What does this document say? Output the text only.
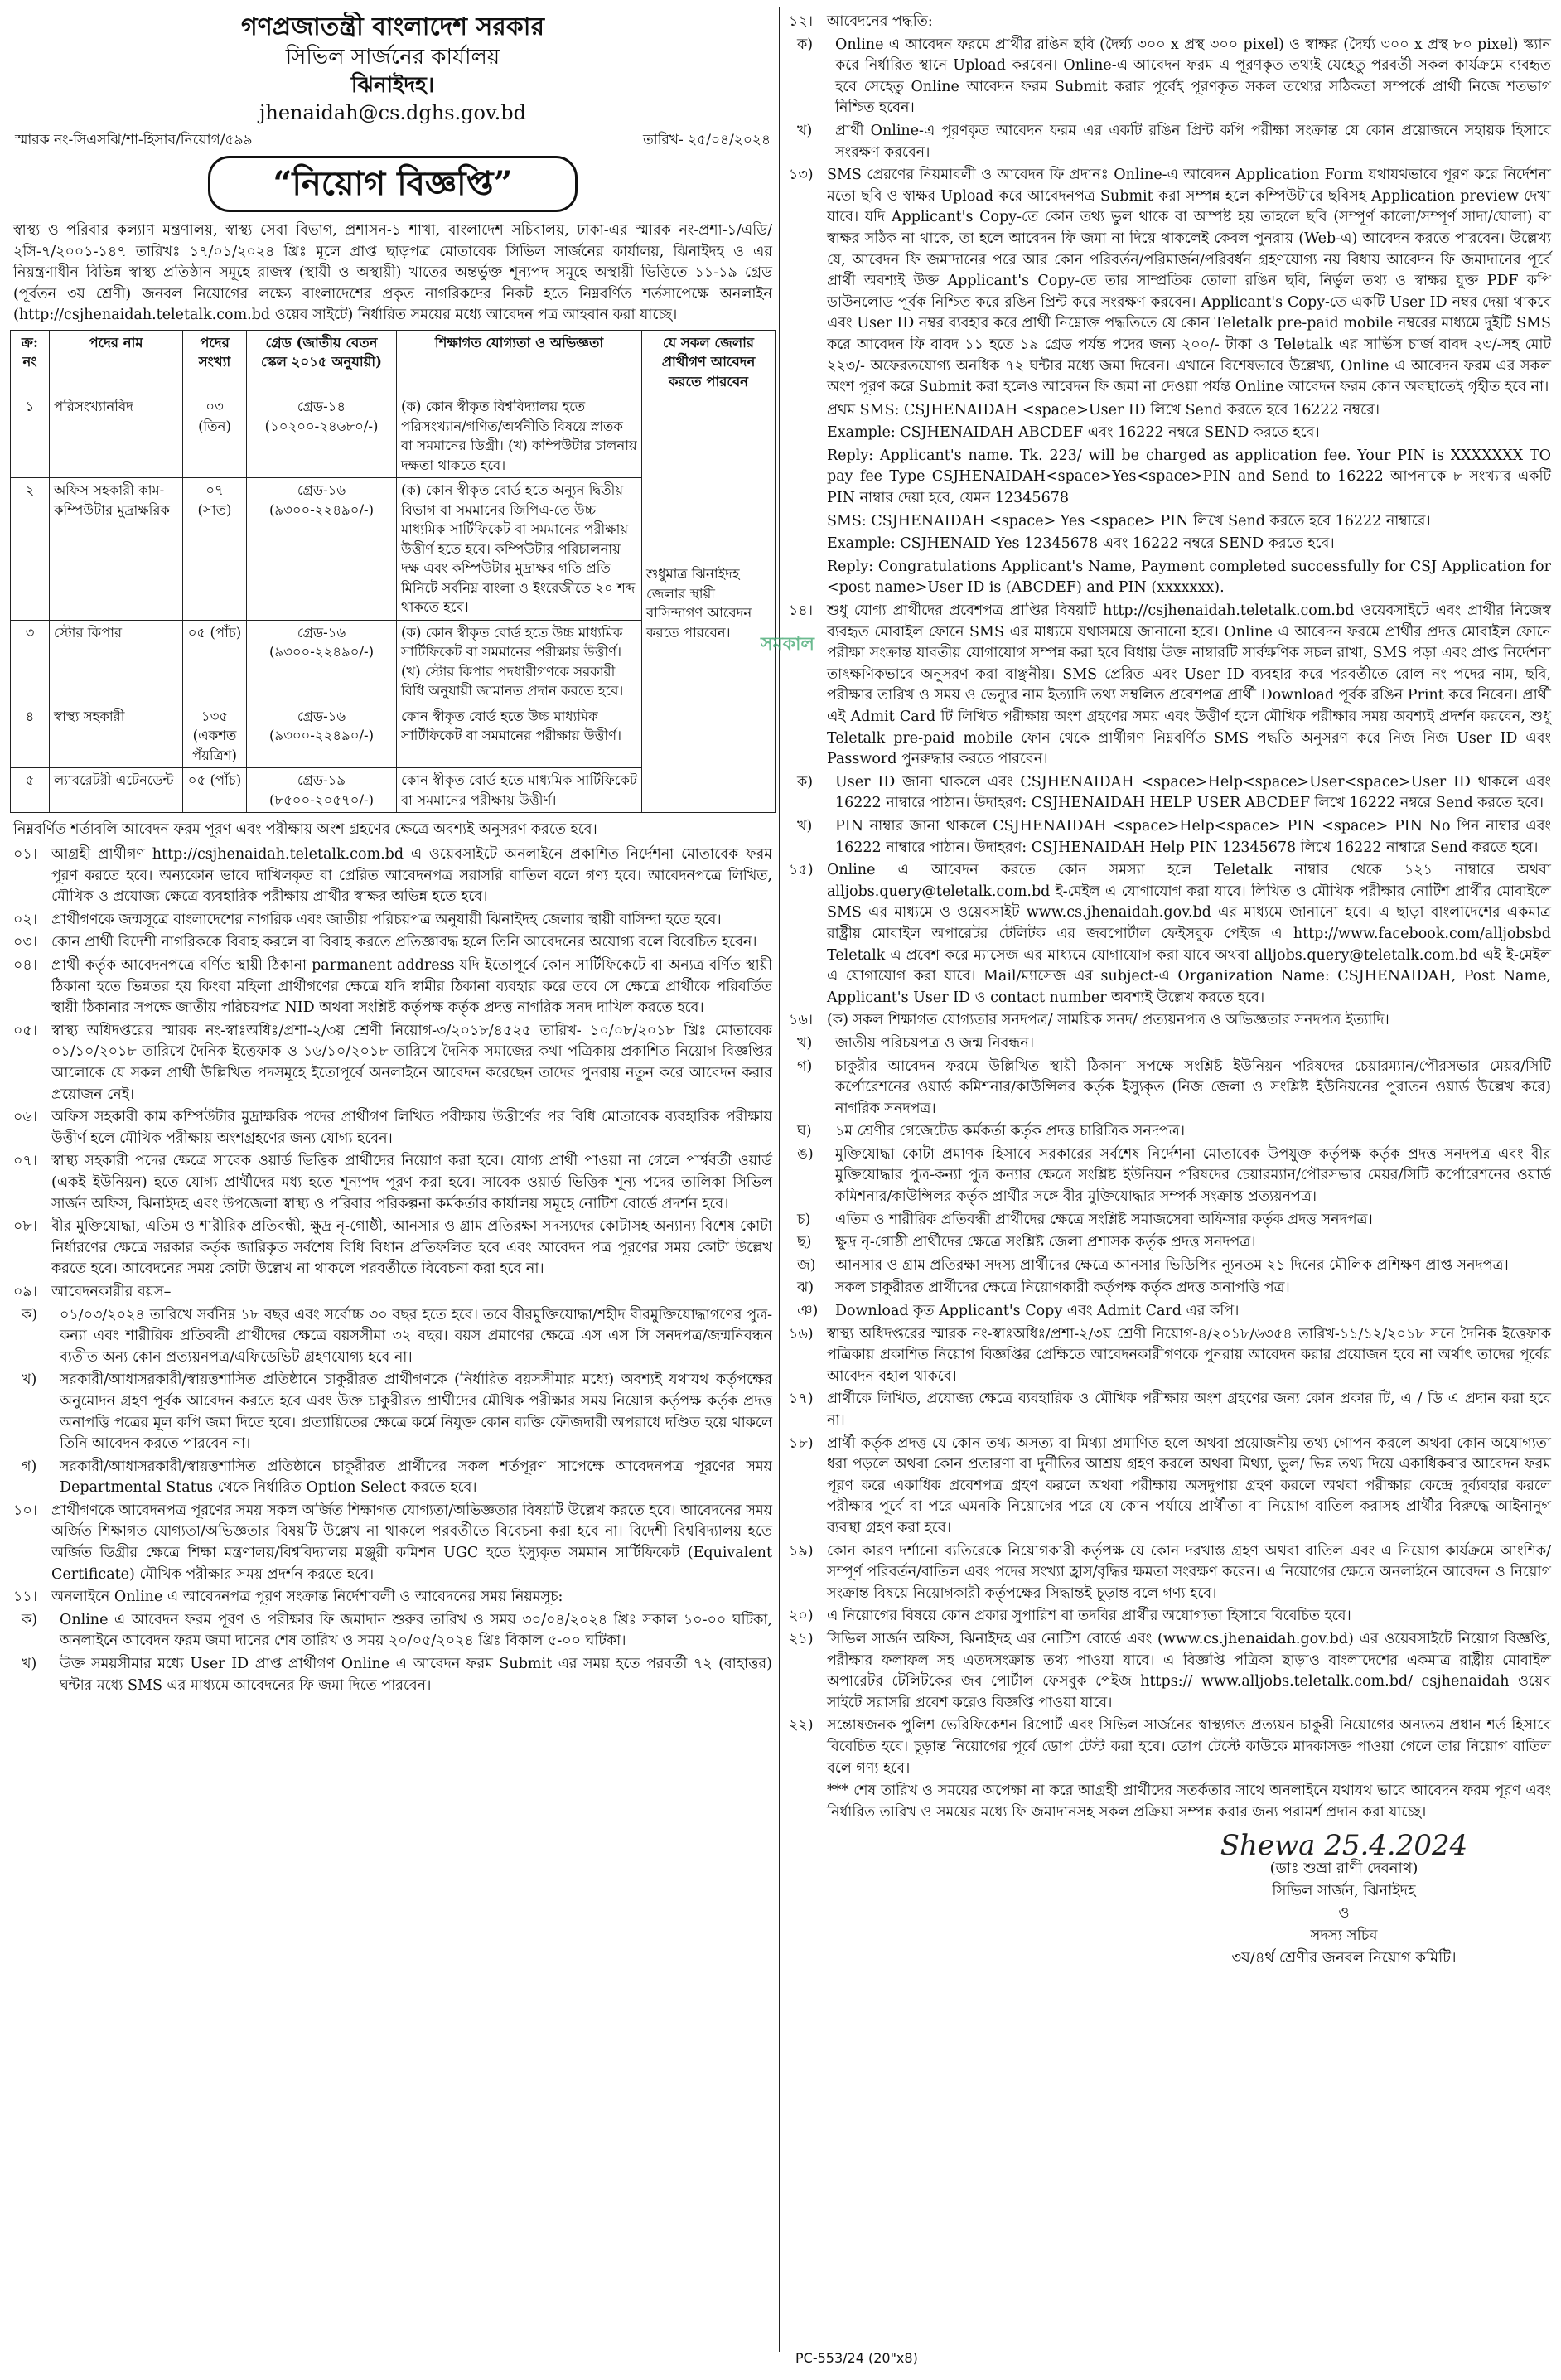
গণপ্রজাতন্ত্রী বাংলাদেশ সরকার
সিভিল সার্জনের কার্যালয়
ঝিনাইদহ।
jhenaidah@cs.dghs.gov.bd
স্মারক নং-সিএসঝি/শা-হিসাব/নিয়োগ/৫৯৯	তারিখ- ২৫/০৪/২০২৪
“নিয়োগ বিজ্ঞপ্তি”

স্বাস্থ্য ও পরিবার কল্যাণ মন্ত্রণালয়, স্বাস্থ্য সেবা বিভাগ, প্রশাসন-১ শাখা, বাংলাদেশ সচিবালয়, ঢাকা-এর স্মারক নং-প্রশা-১/এডি/২সি-৭/২০০১-১৪৭ তারিখঃ ১৭/০১/২০২৪ খ্রিঃ মূলে প্রাপ্ত ছাড়পত্র মোতাবেক সিভিল সার্জনের কার্যালয়, ঝিনাইদহ ও এর নিয়ন্ত্রণাধীন বিভিন্ন স্বাস্থ্য প্রতিষ্ঠান সমূহে রাজস্ব (স্থায়ী ও অস্থায়ী) খাতের অন্তর্ভুক্ত শূন্যপদ সমূহে অস্থায়ী ভিত্তিতে ১১-১৯ গ্রেড (পূর্বতন ৩য় শ্রেণী) জনবল নিয়োগের লক্ষ্যে বাংলাদেশের প্রকৃত নাগরিকদের নিকট হতে নিম্নবর্ণিত শর্তসাপেক্ষে অনলাইন (http://csjhenaidah.teletalk.com.bd ওয়েব সাইটে) নির্ধারিত সময়ের মধ্যে আবেদন পত্র আহবান করা যাচ্ছে।

ক্র: নং	পদের নাম	পদের সংখ্যা	গ্রেড (জাতীয় বেতন স্কেল ২০১৫ অনুযায়ী)	শিক্ষাগত যোগ্যতা ও অভিজ্ঞতা	যে সকল জেলার প্রার্থীগণ আবেদন করতে পারবেন
১	পরিসংখ্যানবিদ	০৩ (তিন)	গ্রেড-১৪ (১০২০০-২৪৬৮০/-)	(ক) কোন স্বীকৃত বিশ্ববিদ্যালয় হতে পরিসংখ্যান/গণিত/অর্থনীতি বিষয়ে স্নাতক বা সমমানের ডিগ্রী। (খ) কম্পিউটার চালনায় দক্ষতা থাকতে হবে।	শুধুমাত্র ঝিনাইদহ জেলার স্থায়ী বাসিন্দাগণ আবেদন করতে পারবেন।
২	অফিস সহকারী কাম-কম্পিউটার মুদ্রাক্ষরিক	০৭ (সাত)	গ্রেড-১৬ (৯৩০০-২২৪৯০/-)	(ক) কোন স্বীকৃত বোর্ড হতে অন্যূন দ্বিতীয় বিভাগ বা সমমানের জিপিএ-তে উচ্চ মাধ্যমিক সার্টিফিকেট বা সমমানের পরীক্ষায় উত্তীর্ণ হতে হবে। কম্পিউটার পরিচালনায় দক্ষ এবং কম্পিউটার মুদ্রাক্ষর গতি প্রতি মিনিটে সর্বনিম্ন বাংলা ও ইংরেজীতে ২০ শব্দ থাকতে হবে।	
৩	স্টোর কিপার	০৫ (পাঁচ)	গ্রেড-১৬ (৯৩০০-২২৪৯০/-)	(ক) কোন স্বীকৃত বোর্ড হতে উচ্চ মাধ্যমিক সার্টিফিকেট বা সমমানের পরীক্ষায় উত্তীর্ণ। (খ) স্টোর কিপার পদধারীগণকে সরকারী বিধি অনুযায়ী জামানত প্রদান করতে হবে।	
৪	স্বাস্থ্য সহকারী	১৩৫ (একশত পঁয়ত্রিশ)	গ্রেড-১৬ (৯৩০০-২২৪৯০/-)	কোন স্বীকৃত বোর্ড হতে উচ্চ মাধ্যমিক সার্টিফিকেট বা সমমানের পরীক্ষায় উত্তীর্ণ।	
৫	ল্যাবরেটরী এটেনডেন্ট	০৫ (পাঁচ)	গ্রেড-১৯ (৮৫০০-২০৫৭০/-)	কোন স্বীকৃত বোর্ড হতে মাধ্যমিক সার্টিফিকেট বা সমমানের পরীক্ষায় উত্তীর্ণ।	

নিম্নবর্ণিত শর্তাবলি আবেদন ফরম পূরণ এবং পরীক্ষায় অংশ গ্রহণের ক্ষেত্রে অবশ্যই অনুসরণ করতে হবে।

০১। আগ্রহী প্রার্থীগণ http://csjhenaidah.teletalk.com.bd এ ওয়েবসাইটে অনলাইনে প্রকাশিত নির্দেশনা মোতাবেক ফরম পূরণ করতে হবে। অন্যকোন ভাবে দাখিলকৃত বা প্রেরিত আবেদনপত্র সরাসরি বাতিল বলে গণ্য হবে। আবেদনপত্রে লিখিত, মৌখিক ও প্রযোজ্য ক্ষেত্রে ব্যবহারিক পরীক্ষায় প্রার্থীর স্বাক্ষর অভিন্ন হতে হবে।
০২। প্রার্থীগণকে জন্মসূত্রে বাংলাদেশের নাগরিক এবং জাতীয় পরিচয়পত্র অনুযায়ী ঝিনাইদহ জেলার স্থায়ী বাসিন্দা হতে হবে।
০৩। কোন প্রার্থী বিদেশী নাগরিককে বিবাহ করলে বা বিবাহ করতে প্রতিজ্ঞাবদ্ধ হলে তিনি আবেদনের অযোগ্য বলে বিবেচিত হবেন।
০৪। প্রার্থী কর্তৃক আবেদনপত্রে বর্ণিত স্থায়ী ঠিকানা parmanent address যদি ইতোপূর্বে কোন সার্টিফিকেটে বা অন্যত্র বর্ণিত স্থায়ী ঠিকানা হতে ভিন্নতর হয় কিংবা মহিলা প্রার্থীগণের ক্ষেত্রে যদি স্বামীর ঠিকানা ব্যবহার করে তবে সে ক্ষেত্রে প্রার্থীকে পরিবর্তিত স্থায়ী ঠিকানার সপক্ষে জাতীয় পরিচয়পত্র NID অথবা সংশ্লিষ্ট কর্তৃপক্ষ কর্তৃক প্রদত্ত নাগরিক সনদ দাখিল করতে হবে।
০৫। স্বাস্থ্য অধিদপ্তরের স্মারক নং-স্বাঃঅধিঃ/প্রশা-২/৩য় শ্রেণী নিয়োগ-৩/২০১৮/৪৫২৫ তারিখ- ১০/০৮/২০১৮ খ্রিঃ মোতাবেক ০১/১০/২০১৮ তারিখে দৈনিক ইত্তেফাক ও ১৬/১০/২০১৮ তারিখে দৈনিক সমাজের কথা পত্রিকায় প্রকাশিত নিয়োগ বিজ্ঞপ্তির আলোকে যে সকল প্রার্থী উল্লিখিত পদসমূহে ইতোপূর্বে অনলাইনে আবেদন করেছেন তাদের পুনরায় নতুন করে আবেদন করার প্রয়োজন নেই।
০৬। অফিস সহকারী কাম কম্পিউটার মুদ্রাক্ষরিক পদের প্রার্থীগণ লিখিত পরীক্ষায় উত্তীর্ণের পর বিধি মোতাবেক ব্যবহারিক পরীক্ষায় উত্তীর্ণ হলে মৌখিক পরীক্ষায় অংশগ্রহণের জন্য যোগ্য হবেন।
০৭। স্বাস্থ্য সহকারী পদের ক্ষেত্রে সাবেক ওয়ার্ড ভিত্তিক প্রার্থীদের নিয়োগ করা হবে। যোগ্য প্রার্থী পাওয়া না গেলে পার্শ্ববর্তী ওয়ার্ড (একই ইউনিয়ন) হতে যোগ্য প্রার্থীদের মধ্য হতে শূন্যপদ পূরণ করা হবে। সাবেক ওয়ার্ড ভিত্তিক শূন্য পদের তালিকা সিভিল সার্জন অফিস, ঝিনাইদহ এবং উপজেলা স্বাস্থ্য ও পরিবার পরিকল্পনা কর্মকর্তার কার্যালয় সমূহে নোটিশ বোর্ডে প্রদর্শন হবে।
০৮। বীর মুক্তিযোদ্ধা, এতিম ও শারীরিক প্রতিবন্ধী, ক্ষুদ্র নৃ-গোষ্ঠী, আনসার ও গ্রাম প্রতিরক্ষা সদস্যদের কোটাসহ অন্যান্য বিশেষ কোটা নির্ধারণের ক্ষেত্রে সরকার কর্তৃক জারিকৃত সর্বশেষ বিধি বিধান প্রতিফলিত হবে এবং আবেদন পত্র পূরণের সময় কোটা উল্লেখ করতে হবে। আবেদনের সময় কোটা উল্লেখ না থাকলে পরবর্তীতে বিবেচনা করা হবে না।
০৯। আবেদনকারীর বয়স–
ক)	০১/০৩/২০২৪ তারিখে সর্বনিম্ন ১৮ বছর এবং সর্বোচ্চ ৩০ বছর হতে হবে। তবে বীরমুক্তিযোদ্ধা/শহীদ বীরমুক্তিযোদ্ধাগণের পুত্র-কন্যা এবং শারীরিক প্রতিবন্ধী প্রার্থীদের ক্ষেত্রে বয়সসীমা ৩২ বছর। বয়স প্রমাণের ক্ষেত্রে এস এস সি সনদপত্র/জন্মনিবন্ধন ব্যতীত অন্য কোন প্রত্যয়নপত্র/এফিডেভিট গ্রহণযোগ্য হবে না।
খ)	সরকারী/আধাসরকারী/স্বায়ত্তশাসিত প্রতিষ্ঠানে চাকুরীরত প্রার্থীগণকে (নির্ধারিত বয়সসীমার মধ্যে) অবশ্যই যথাযথ কর্তৃপক্ষের অনুমোদন গ্রহণ পূর্বক আবেদন করতে হবে এবং উক্ত চাকুরীরত প্রার্থীদের মৌখিক পরীক্ষার সময় নিয়োগ কর্তৃপক্ষ কর্তৃক প্রদত্ত অনাপত্তি পত্রের মূল কপি জমা দিতে হবে। প্রত্যায়িতের ক্ষেত্রে কর্মে নিযুক্ত কোন ব্যক্তি ফৌজদারী অপরাধে দণ্ডিত হয়ে থাকলে তিনি আবেদন করতে পারবেন না।
গ)	সরকারী/আধাসরকারী/স্বায়ত্তশাসিত প্রতিষ্ঠানে চাকুরীরত প্রার্থীদের সকল শর্তপূরণ সাপেক্ষে আবেদনপত্র পূরণের সময় Departmental Status থেকে নির্ধারিত Option Select করতে হবে।
১০। প্রার্থীগণকে আবেদনপত্র পূরণের সময় সকল অর্জিত শিক্ষাগত যোগ্যতা/অভিজ্ঞতার বিষয়টি উল্লেখ করতে হবে। আবেদনের সময় অর্জিত শিক্ষাগত যোগ্যতা/অভিজ্ঞতার বিষয়টি উল্লেখ না থাকলে পরবর্তীতে বিবেচনা করা হবে না। বিদেশী বিশ্ববিদ্যালয় হতে অর্জিত ডিগ্রীর ক্ষেত্রে শিক্ষা মন্ত্রণালয়/বিশ্ববিদ্যালয় মঞ্জুরী কমিশন UGC হতে ইস্যুকৃত সমমান সার্টিফিকেট (Equivalent Certificate) মৌখিক পরীক্ষার সময় প্রদর্শন করতে হবে।
১১। অনলাইনে Online এ আবেদনপত্র পূরণ সংক্রান্ত নির্দেশাবলী ও আবেদনের সময় নিয়মসূচ:
ক)	Online এ আবেদন ফরম পূরণ ও পরীক্ষার ফি জমাদান শুরুর তারিখ ও সময় ৩০/০৪/২০২৪ খ্রিঃ সকাল ১০-০০ ঘটিকা, অনলাইনে আবেদন ফরম জমা দানের শেষ তারিখ ও সময় ২০/০৫/২০২৪ খ্রিঃ বিকাল ৫-০০ ঘটিকা।
খ)	উক্ত সময়সীমার মধ্যে User ID প্রাপ্ত প্রার্থীগণ Online এ আবেদন ফরম Submit এর সময় হতে পরবর্তী ৭২ (বাহাত্তর) ঘন্টার মধ্যে SMS এর মাধ্যমে আবেদনের ফি জমা দিতে পারবেন।
১২। আবেদনের পদ্ধতি:
ক)	Online এ আবেদন ফরমে প্রার্থীর রঙিন ছবি (দৈর্ঘ্য ৩০০ x প্রস্থ ৩০০ pixel) ও স্বাক্ষর (দৈর্ঘ্য ৩০০ x প্রস্থ ৮০ pixel) স্ক্যান করে নির্ধারিত স্থানে Upload করবেন। Online-এ আবেদন ফরম এ পূরণকৃত তথ্যই যেহেতু পরবর্তী সকল কার্যক্রমে ব্যবহৃত হবে সেহেতু Online আবেদন ফরম Submit করার পূর্বেই পূরণকৃত সকল তথ্যের সঠিকতা সম্পর্কে প্রার্থী নিজে শতভাগ নিশ্চিত হবেন।
খ)	প্রার্থী Online-এ পূরণকৃত আবেদন ফরম এর একটি রঙিন প্রিন্ট কপি পরীক্ষা সংক্রান্ত যে কোন প্রয়োজনে সহায়ক হিসাবে সংরক্ষণ করবেন।
১৩) SMS প্রেরণের নিয়মাবলী ও আবেদন ফি প্রদানঃ Online-এ আবেদন Application Form যথাযথভাবে পূরণ করে নির্দেশনা মতো ছবি ও স্বাক্ষর Upload করে আবেদনপত্র Submit করা সম্পন্ন হলে কম্পিউটারে ছবিসহ Application preview দেখা যাবে। যদি Applicant's Copy-তে কোন তথ্য ভুল থাকে বা অস্পষ্ট হয় তাহলে ছবি (সম্পূর্ণ কালো/সম্পূর্ণ সাদা/ঘোলা) বা স্বাক্ষর সঠিক না থাকে, তা হলে আবেদন ফি জমা না দিয়ে থাকলেই কেবল পুনরায় (Web-এ) আবেদন করতে পারবেন। উল্লেখ্য যে, আবেদন ফি জমাদানের পরে আর কোন পরিবর্তন/পরিমার্জন/পরিবর্ধন গ্রহণযোগ্য নয় বিধায় আবেদন ফি জমাদানের পূর্বে প্রার্থী অবশ্যই উক্ত Applicant's Copy-তে তার সাম্প্রতিক তোলা রঙিন ছবি, নির্ভুল তথ্য ও স্বাক্ষর যুক্ত PDF কপি ডাউনলোড পূর্বক নিশ্চিত করে রঙিন প্রিন্ট করে সংরক্ষণ করবেন। Applicant's Copy-তে একটি User ID নম্বর দেয়া থাকবে এবং User ID নম্বর ব্যবহার করে প্রার্থী নিম্নোক্ত পদ্ধতিতে যে কোন Teletalk pre-paid mobile নম্বরের মাধ্যমে দুইটি SMS করে আবেদন ফি বাবদ ১১ হতে ১৯ গ্রেড পর্যন্ত পদের জন্য ২০০/- টাকা ও Teletalk এর সার্ভিস চার্জ বাবদ ২৩/-সহ মোট ২২৩/- অফেরতযোগ্য অনধিক ৭২ ঘন্টার মধ্যে জমা দিবেন। এখানে বিশেষভাবে উল্লেখ্য, Online এ আবেদন ফরম এর সকল অংশ পূরণ করে Submit করা হলেও আবেদন ফি জমা না দেওয়া পর্যন্ত Online আবেদন ফরম কোন অবস্থাতেই গৃহীত হবে না।
প্রথম SMS: CSJHENAIDAH <space>User ID লিখে Send করতে হবে 16222 নম্বরে।
Example: CSJHENAIDAH ABCDEF এবং 16222 নম্বরে SEND করতে হবে।
Reply: Applicant's name. Tk. 223/ will be charged as application fee. Your PIN is XXXXXXX TO pay fee Type CSJHENAIDAH<space>Yes<space>PIN and Send to 16222 আপনাকে ৮ সংখ্যার একটি PIN নাম্বার দেয়া হবে, যেমন 12345678
SMS: CSJHENAIDAH <space> Yes <space> PIN লিখে Send করতে হবে 16222 নাম্বারে।
Example: CSJHENAID Yes 12345678 এবং 16222 নম্বরে SEND করতে হবে।
Reply: Congratulations Applicant's Name, Payment completed successfully for CSJ Application for <post name>User ID is (ABCDEF) and PIN (xxxxxxx).
১৪। শুধু যোগ্য প্রার্থীদের প্রবেশপত্র প্রাপ্তির বিষয়টি http://csjhenaidah.teletalk.com.bd ওয়েবসাইটে এবং প্রার্থীর নিজেস্ব ব্যবহৃত মোবাইল ফোনে SMS এর মাধ্যমে যথাসময়ে জানানো হবে। Online এ আবেদন ফরমে প্রার্থীর প্রদত্ত মোবাইল ফোনে পরীক্ষা সংক্রান্ত যাবতীয় যোগাযোগ সম্পন্ন করা হবে বিধায় উক্ত নাম্বারটি সার্বক্ষণিক সচল রাখা, SMS পড়া এবং প্রাপ্ত নির্দেশনা তাৎক্ষণিকভাবে অনুসরণ করা বাঞ্ছনীয়। SMS প্রেরিত এবং User ID ব্যবহার করে পরবর্তীতে রোল নং পদের নাম, ছবি, পরীক্ষার তারিখ ও সময় ও ভেন্যুর নাম ইত্যাদি তথ্য সম্বলিত প্রবেশপত্র প্রার্থী Download পূর্বক রঙিন Print করে নিবেন। প্রার্থী এই Admit Card টি লিখিত পরীক্ষায় অংশ গ্রহণের সময় এবং উত্তীর্ণ হলে মৌখিক পরীক্ষার সময় অবশ্যই প্রদর্শন করবেন, শুধু Teletalk pre-paid mobile ফোন থেকে প্রার্থীগণ নিম্নবর্ণিত SMS পদ্ধতি অনুসরণ করে নিজ নিজ User ID এবং Password পুনরুদ্ধার করতে পারবেন।
ক)	User ID জানা থাকলে এবং CSJHENAIDAH <space>Help<space>User<space>User ID থাকলে এবং 16222 নাম্বারে পাঠান। উদাহরণ: CSJHENAIDAH HELP USER ABCDEF লিখে 16222 নম্বরে Send করতে হবে।
খ)	PIN নাম্বার জানা থাকলে CSJHENAIDAH <space>Help<space> PIN <space> PIN No পিন নাম্বার এবং 16222 নাম্বারে পাঠান। উদাহরণ: CSJHENAIDAH Help PIN 12345678 লিখে 16222 নাম্বারে Send করতে হবে।
১৫) Online এ আবেদন করতে কোন সমস্যা হলে Teletalk নাম্বার থেকে ১২১ নাম্বারে অথবা alljobs.query@teletalk.com.bd ই-মেইল এ যোগাযোগ করা যাবে। লিখিত ও মৌখিক পরীক্ষার নোটিশ প্রার্থীর মোবাইলে SMS এর মাধ্যমে ও ওয়েবসাইট www.cs.jhenaidah.gov.bd এর মাধ্যমে জানানো হবে। এ ছাড়া বাংলাদেশের একমাত্র রাষ্ট্রীয় মোবাইল অপারেটর টেলিটক এর জবপোর্টাল ফেইসবুক পেইজ এ http://www.facebook.com/alljobsbd Teletalk এ প্রবেশ করে ম্যাসেজ এর মাধ্যমে যোগাযোগ করা যাবে অথবা alljobs.query@teletalk.com.bd এই ই-মেইল এ যোগাযোগ করা যাবে। Mail/ম্যাসেজ এর subject-এ Organization Name: CSJHENAIDAH, Post Name, Applicant's User ID ও contact number অবশ্যই উল্লেখ করতে হবে।
১৬। (ক) সকল শিক্ষাগত যোগ্যতার সনদপত্র/ সাময়িক সনদ/ প্রত্যয়নপত্র ও অভিজ্ঞতার সনদপত্র ইত্যাদি।
খ)	জাতীয় পরিচয়পত্র ও জন্ম নিবন্ধন।
গ)	চাকুরীর আবেদন ফরমে উল্লিখিত স্থায়ী ঠিকানা সপক্ষে সংশ্লিষ্ট ইউনিয়ন পরিষদের চেয়ারম্যান/পৌরসভার মেয়র/সিটি কর্পোরেশনের ওয়ার্ড কমিশনার/কাউন্সিলর কর্তৃক ইস্যুকৃত (নিজ জেলা ও সংশ্লিষ্ট ইউনিয়নের পুরাতন ওয়ার্ড উল্লেখ করে) নাগরিক সনদপত্র।
ঘ)	১ম শ্রেণীর গেজেটেড কর্মকর্তা কর্তৃক প্রদত্ত চারিত্রিক সনদপত্র।
ঙ)	মুক্তিযোদ্ধা কোটা প্রমাণক হিসাবে সরকারের সর্বশেষ নির্দেশনা মোতাবেক উপযুক্ত কর্তৃপক্ষ কর্তৃক প্রদত্ত সনদপত্র এবং বীর মুক্তিযোদ্ধার পুত্র-কন্যা পুত্র কন্যার ক্ষেত্রে সংশ্লিষ্ট ইউনিয়ন পরিষদের চেয়ারম্যান/পৌরসভার মেয়র/সিটি কর্পোরেশনের ওয়ার্ড কমিশনার/কাউন্সিলর কর্তৃক প্রার্থীর সঙ্গে বীর মুক্তিযোদ্ধার সম্পর্ক সংক্রান্ত প্রত্যয়নপত্র।
চ)	এতিম ও শারীরিক প্রতিবন্ধী প্রার্থীদের ক্ষেত্রে সংশ্লিষ্ট সমাজসেবা অফিসার কর্তৃক প্রদত্ত সনদপত্র।
ছ)	ক্ষুদ্র নৃ-গোষ্ঠী প্রার্থীদের ক্ষেত্রে সংশ্লিষ্ট জেলা প্রশাসক কর্তৃক প্রদত্ত সনদপত্র।
জ)	আনসার ও গ্রাম প্রতিরক্ষা সদস্য প্রার্থীদের ক্ষেত্রে আনসার ভিডিপির ন্যূনতম ২১ দিনের মৌলিক প্রশিক্ষণ প্রাপ্ত সনদপত্র।
ঝ)	সকল চাকুরীরত প্রার্থীদের ক্ষেত্রে নিয়োগকারী কর্তৃপক্ষ কর্তৃক প্রদত্ত অনাপত্তি পত্র।
ঞ)	Download কৃত Applicant's Copy এবং Admit Card এর কপি।
১৬) স্বাস্থ্য অধিদপ্তরের স্মারক নং-স্বাঃঅধিঃ/প্রশা-২/৩য় শ্রেণী নিয়োগ-৪/২০১৮/৬৩৫৪ তারিখ-১১/১২/২০১৮ সনে দৈনিক ইত্তেফাক পত্রিকায় প্রকাশিত নিয়োগ বিজ্ঞপ্তির প্রেক্ষিতে আবেদনকারীগণকে পুনরায় আবেদন করার প্রয়োজন হবে না অর্থাৎ তাদের পূর্বের আবেদন বহাল থাকবে।
১৭) প্রার্থীকে লিখিত, প্রযোজ্য ক্ষেত্রে ব্যবহারিক ও মৌখিক পরীক্ষায় অংশ গ্রহণের জন্য কোন প্রকার টি, এ / ডি এ প্রদান করা হবে না।
১৮) প্রার্থী কর্তৃক প্রদত্ত যে কোন তথ্য অসত্য বা মিথ্যা প্রমাণিত হলে অথবা প্রয়োজনীয় তথ্য গোপন করলে অথবা কোন অযোগ্যতা ধরা পড়লে অথবা কোন প্রতারণা বা দুর্নীতির আশ্রয় গ্রহণ করলে অথবা মিথ্যা, ভুল/ ভিন্ন তথ্য দিয়ে একাধিকবার আবেদন ফরম পূরণ করে একাধিক প্রবেশপত্র গ্রহণ করলে অথবা পরীক্ষায় অসদুপায় গ্রহণ করলে অথবা পরীক্ষার কেন্দ্রে দুর্ব্যবহার করলে পরীক্ষার পূর্বে বা পরে এমনকি নিয়োগের পরে যে কোন পর্যায়ে প্রার্থীতা বা নিয়োগ বাতিল করাসহ প্রার্থীর বিরুদ্ধে আইনানুগ ব্যবস্থা গ্রহণ করা হবে।
১৯) কোন কারণ দর্শানো ব্যতিরেকে নিয়োগকারী কর্তৃপক্ষ যে কোন দরখাস্ত গ্রহণ অথবা বাতিল এবং এ নিয়োগ কার্যক্রমে আংশিক/সম্পূর্ণ পরিবর্তন/বাতিল এবং পদের সংখ্যা হ্রাস/বৃদ্ধির ক্ষমতা সংরক্ষণ করেন। এ নিয়োগের ক্ষেত্রে অনলাইনে আবেদন ও নিয়োগ সংক্রান্ত বিষয়ে নিয়োগকারী কর্তৃপক্ষের সিদ্ধান্তই চূড়ান্ত বলে গণ্য হবে।
২০) এ নিয়োগের বিষয়ে কোন প্রকার সুপারিশ বা তদবির প্রার্থীর অযোগ্যতা হিসাবে বিবেচিত হবে।
২১) সিভিল সার্জন অফিস, ঝিনাইদহ এর নোটিশ বোর্ডে এবং (www.cs.jhenaidah.gov.bd) এর ওয়েবসাইটে নিয়োগ বিজ্ঞপ্তি, পরীক্ষার ফলাফল সহ এতদসংক্রান্ত তথ্য পাওয়া যাবে। এ বিজ্ঞপ্তি পত্রিকা ছাড়াও বাংলাদেশের একমাত্র রাষ্ট্রীয় মোবাইল অপারেটর টেলিটকের জব পোর্টাল ফেসবুক পেইজ https:// www.alljobs.teletalk.com.bd/ csjhenaidah ওয়েব সাইটে সরাসরি প্রবেশ করেও বিজ্ঞপ্তি পাওয়া যাবে।
২২) সন্তোষজনক পুলিশ ভেরিফিকেশন রিপোর্ট এবং সিভিল সার্জনের স্বাস্থ্যগত প্রত্যয়ন চাকুরী নিয়োগের অন্যতম প্রধান শর্ত হিসাবে বিবেচিত হবে। চূড়ান্ত নিয়োগের পূর্বে ডোপ টেস্ট করা হবে। ডোপ টেস্টে কাউকে মাদকাসক্ত পাওয়া গেলে তার নিয়োগ বাতিল বলে গণ্য হবে।
*** শেষ তারিখ ও সময়ের অপেক্ষা না করে আগ্রহী প্রার্থীদের সতর্কতার সাথে অনলাইনে যথাযথ ভাবে আবেদন ফরম পূরণ এবং নির্ধারিত তারিখ ও সময়ের মধ্যে ফি জমাদানসহ সকল প্রক্রিয়া সম্পন্ন করার জন্য পরামর্শ প্রদান করা যাচ্ছে।
Shewa 25.4.2024
(ডাঃ শুভ্রা রাণী দেবনাথ)
সিভিল সার্জন, ঝিনাইদহ
ও
সদস্য সচিব
৩য়/৪র্থ শ্রেণীর জনবল নিয়োগ কমিটি।
সমকাল
PC-553/24 (20"x8)
